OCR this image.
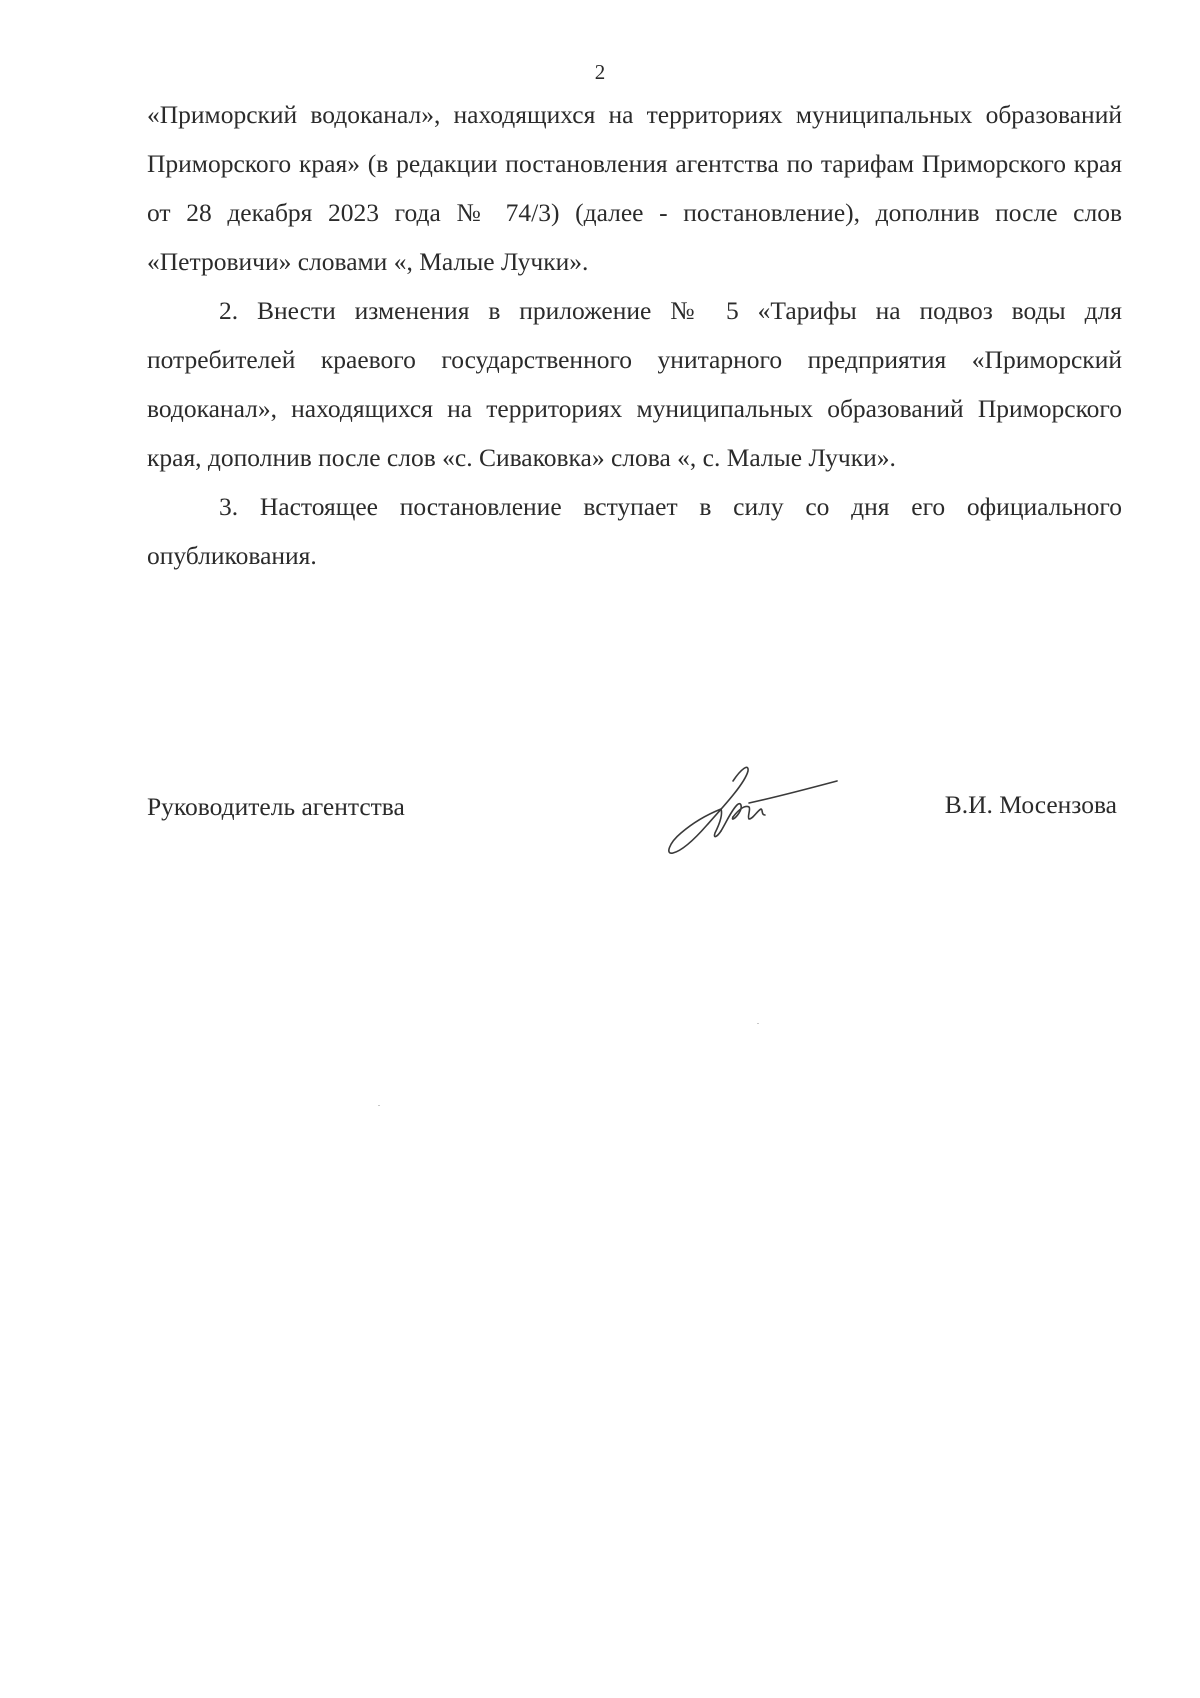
2

«Приморский водоканал», находящихся на территориях муниципальных образований Приморского края» (в редакции постановления агентства по тарифам Приморского края от 28 декабря 2023 года № 74/3) (далее - постановление), дополнив после слов «Петровичи» словами «, Малые Лучки».

2. Внести изменения в приложение № 5 «Тарифы на подвоз воды для потребителей краевого государственного унитарного предприятия «Приморский водоканал», находящихся на территориях муниципальных образований Приморского края, дополнив после слов «с. Сиваковка» слова «, с. Малые Лучки».

3. Настоящее постановление вступает в силу со дня его официального опубликования.

Руководитель агентства	В.И. Мосензова
